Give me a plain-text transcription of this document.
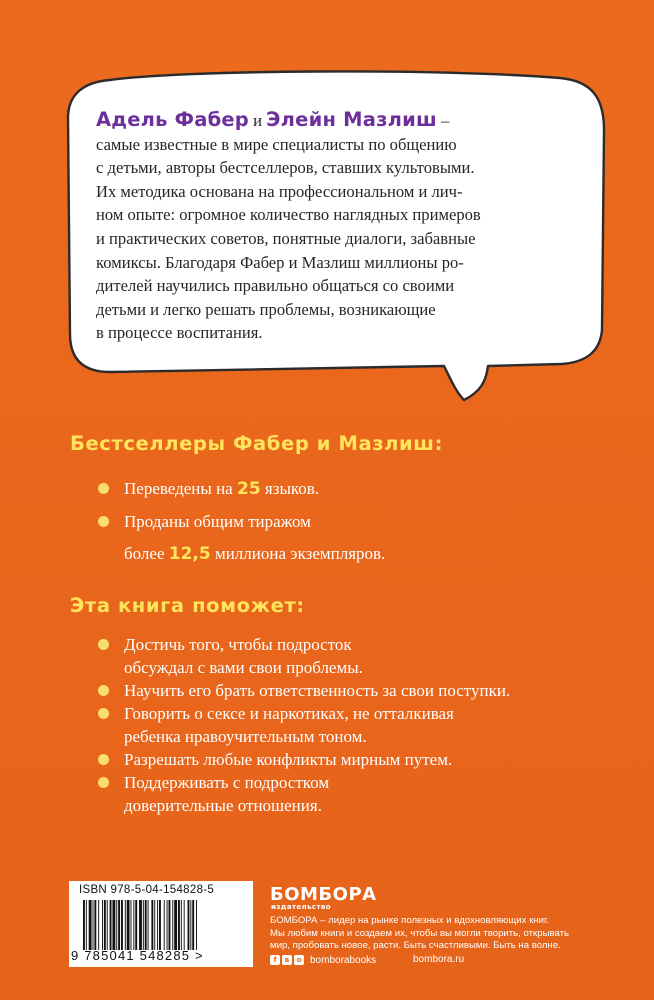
Адель Фабер и Элейн Мазлиш –
самые известные в мире специалисты по общению
с детьми, авторы бестселлеров, ставших культовыми.
Их методика основана на профессиональном и лич-
ном опыте: огромное количество наглядных примеров
и практических советов, понятные диалоги, забавные
комиксы. Благодаря Фабер и Мазлиш миллионы ро-
дителей научились правильно общаться со своими
детьми и легко решать проблемы, возникающие
в процессе воспитания.
Бестселлеры Фабер и Мазлиш:
Переведены на 25 языков.
Проданы общим тиражом
более 12,5 миллиона экземпляров.
Эта книга поможет:
Достичь того, чтобы подросток
обсуждал с вами свои проблемы.
Научить его брать ответственность за свои поступки.
Говорить о сексе и наркотиках, не отталкивая
ребенка нравоучительным тоном.
Разрешать любые конфликты мирным путем.
Поддерживать с подростком
доверительные отношения.
ISBN 978-5-04-154828-5
9 785041 548285 >
БОМБОРА
издательство
БОМБОРА – лидер на рынке полезных и вдохновляющих книг.
Мы любим книги и создаем их, чтобы вы могли творить, открывать
мир, пробовать новое, расти. Быть счастливыми. Быть на волне.
f	в	о bomborabooks	bombora.ru
